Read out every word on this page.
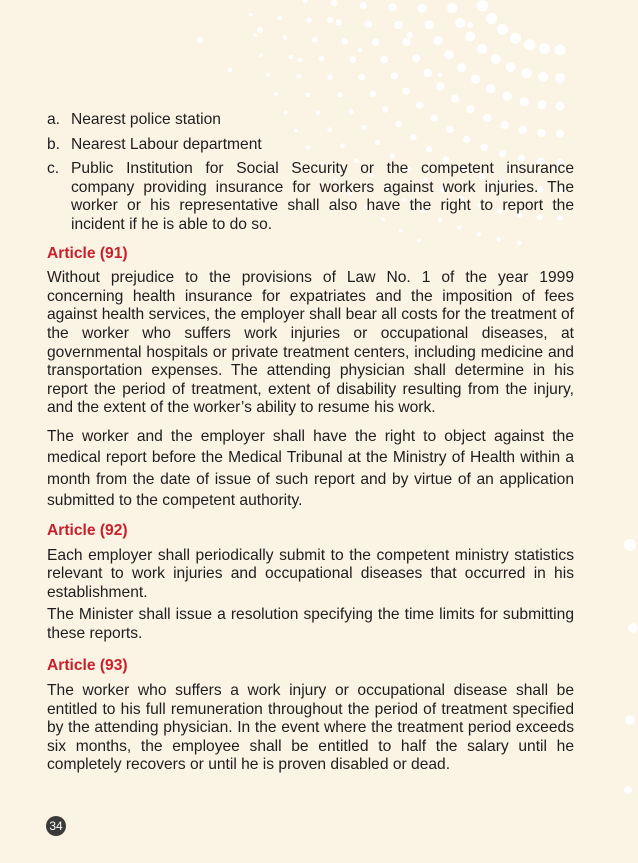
a. Nearest police station
b. Nearest Labour department
c. Public Institution for Social Security or the competent insurance company providing insurance for workers against work injuries. The worker or his representative shall also have the right to report the incident if he is able to do so.
Article (91)

Without prejudice to the provisions of Law No. 1 of the year 1999 concerning health insurance for expatriates and the imposition of fees against health services, the employer shall bear all costs for the treatment of the worker who suffers work injuries or occupational diseases, at governmental hospitals or private treatment centers, including medicine and transportation expenses. The attending physician shall determine in his report the period of treatment, extent of disability resulting from the injury, and the extent of the worker’s ability to resume his work.

The worker and the employer shall have the right to object against the medical report before the Medical Tribunal at the Ministry of Health within a month from the date of issue of such report and by virtue of an application submitted to the competent authority.

Article (92)

Each employer shall periodically submit to the competent ministry statistics relevant to work injuries and occupational diseases that occurred in his establishment.

The Minister shall issue a resolution specifying the time limits for submitting these reports.

Article (93)

The worker who suffers a work injury or occupational disease shall be entitled to his full remuneration throughout the period of treatment specified by the attending physician. In the event where the treatment period exceeds six months, the employee shall be entitled to half the salary until he completely recovers or until he is proven disabled or dead.

34
